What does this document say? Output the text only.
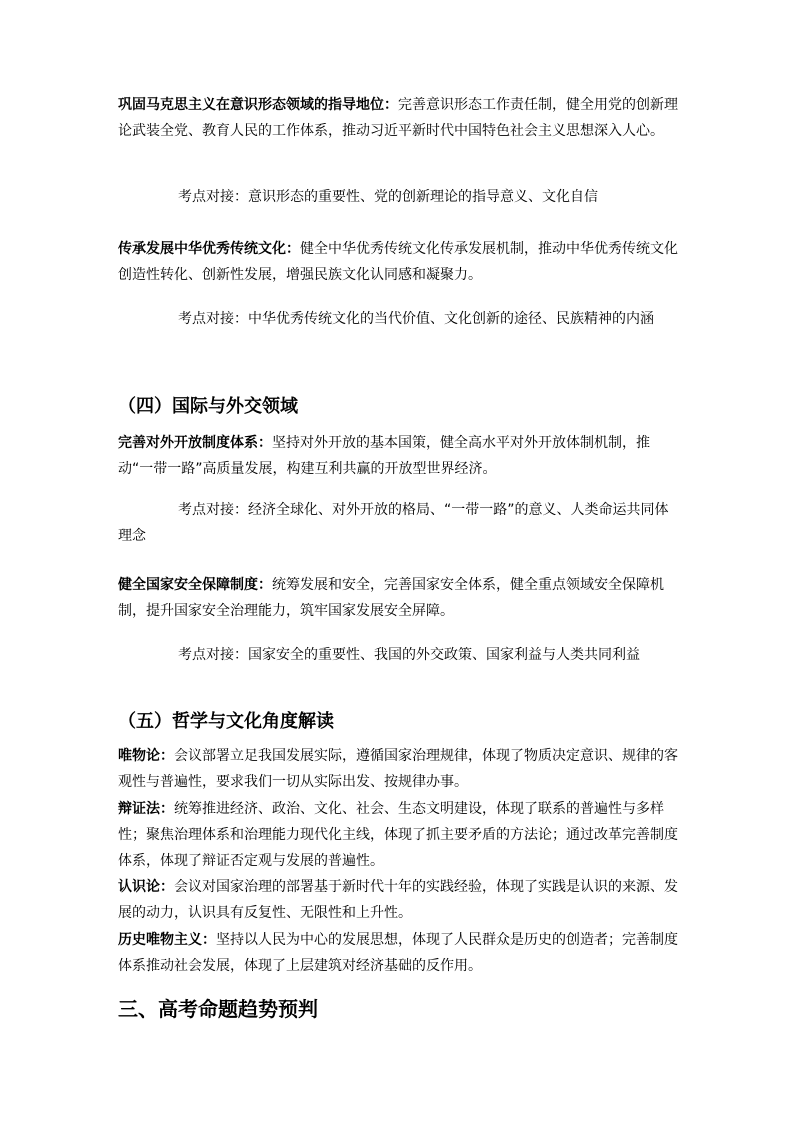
巩固马克思主义在意识形态领域的指导地位：完善意识形态工作责任制，健全用党的创新理论武装全党、教育人民的工作体系，推动习近平新时代中国特色社会主义思想深入人心。

考点对接：意识形态的重要性、党的创新理论的指导意义、文化自信

传承发展中华优秀传统文化：健全中华优秀传统文化传承发展机制，推动中华优秀传统文化创造性转化、创新性发展，增强民族文化认同感和凝聚力。

考点对接：中华优秀传统文化的当代价值、文化创新的途径、民族精神的内涵

（四）国际与外交领域

完善对外开放制度体系：坚持对外开放的基本国策，健全高水平对外开放体制机制，推动“一带一路”高质量发展，构建互利共赢的开放型世界经济。

考点对接：经济全球化、对外开放的格局、“一带一路”的意义、人类命运共同体理念

健全国家安全保障制度：统筹发展和安全，完善国家安全体系，健全重点领域安全保障机制，提升国家安全治理能力，筑牢国家发展安全屏障。

考点对接：国家安全的重要性、我国的外交政策、国家利益与人类共同利益

（五）哲学与文化角度解读

唯物论：会议部署立足我国发展实际，遵循国家治理规律，体现了物质决定意识、规律的客观性与普遍性，要求我们一切从实际出发、按规律办事。

辩证法：统筹推进经济、政治、文化、社会、生态文明建设，体现了联系的普遍性与多样性；聚焦治理体系和治理能力现代化主线，体现了抓主要矛盾的方法论；通过改革完善制度体系，体现了辩证否定观与发展的普遍性。

认识论：会议对国家治理的部署基于新时代十年的实践经验，体现了实践是认识的来源、发展的动力，认识具有反复性、无限性和上升性。

历史唯物主义：坚持以人民为中心的发展思想，体现了人民群众是历史的创造者；完善制度体系推动社会发展，体现了上层建筑对经济基础的反作用。

三、高考命题趋势预判
